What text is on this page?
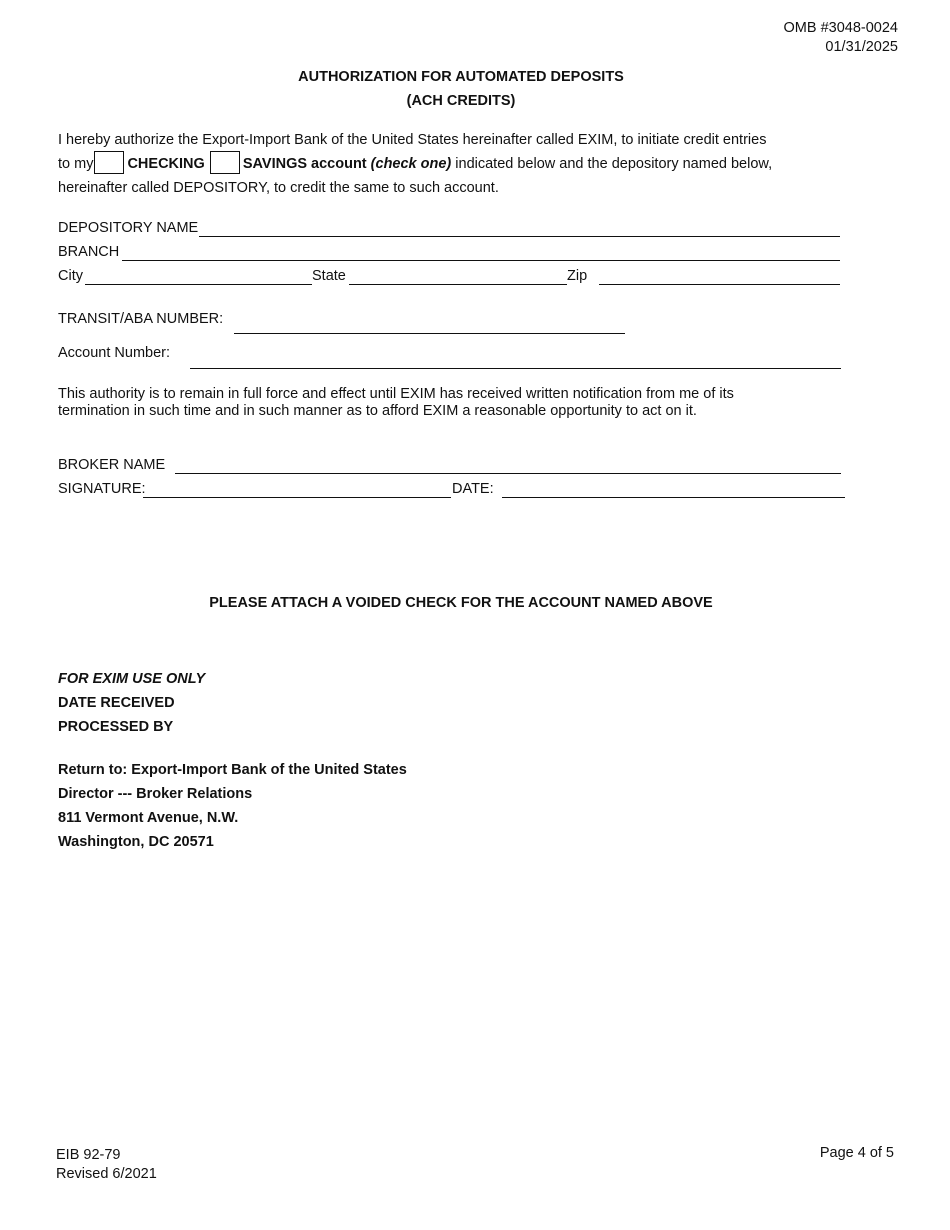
OMB #3048-0024
01/31/2025
AUTHORIZATION FOR AUTOMATED DEPOSITS
(ACH CREDITS)
I hereby authorize the Export-Import Bank of the United States hereinafter called EXIM, to initiate credit entries
to my CHECKING	SAVINGS account (check one) indicated below and the depository named below,
hereinafter called DEPOSITORY, to credit the same to such account.
DEPOSITORY NAME
BRANCH
City	State	Zip
TRANSIT/ABA NUMBER:
Account Number:
This authority is to remain in full force and effect until EXIM has received written notification from me of its
termination in such time and in such manner as to afford EXIM a reasonable opportunity to act on it.
BROKER NAME
SIGNATURE:	DATE:
PLEASE ATTACH A VOIDED CHECK FOR THE ACCOUNT NAMED ABOVE
FOR EXIM USE ONLY
DATE RECEIVED
PROCESSED BY
Return to: Export-Import Bank of the United States
Director --- Broker Relations
811 Vermont Avenue, N.W.
Washington, DC 20571
EIB 92-79
Revised 6/2021
Page 4 of 5
